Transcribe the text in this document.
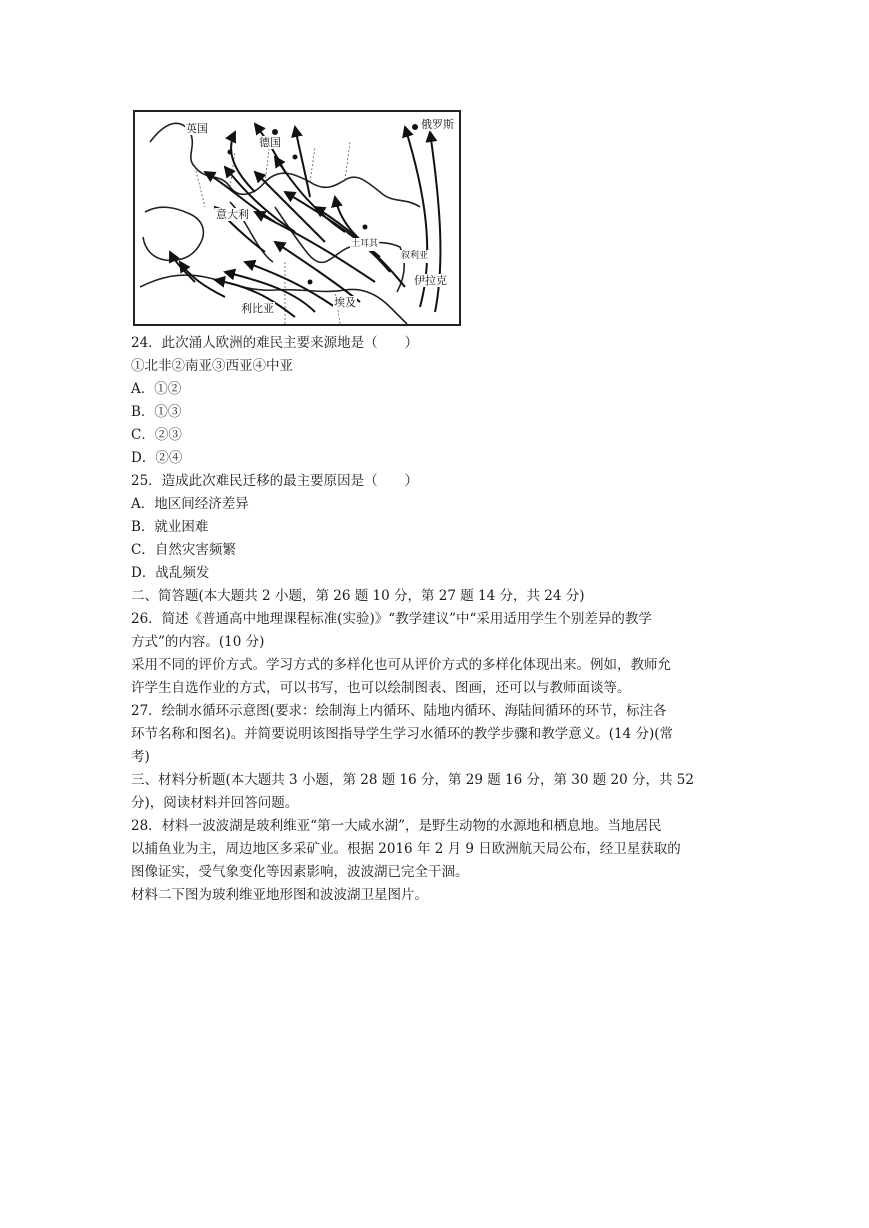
英国
德国
俄罗斯
意大利
土耳其
叙利亚
伊拉克
利比亚	埃及
24．此次涌人欧洲的难民主要来源地是（　　）
①北非②南亚③西亚④中亚
A．①②
B．①③
C．②③
D．②④
25．造成此次难民迁移的最主要原因是（　　）
A．地区间经济差异
B．就业困难
C．自然灾害频繁
D．战乱频发
二、简答题(本大题共 2 小题，第 26 题 10 分，第 27 题 14 分，共 24 分)
26．简述《普通高中地理课程标准(实验)》“教学建议”中“采用适用学生个别差异的教学
方式”的内容。(10 分)
采用不同的评价方式。学习方式的多样化也可从评价方式的多样化体现出来。例如，教师允
许学生自选作业的方式，可以书写，也可以绘制图表、图画，还可以与教师面谈等。
27．绘制水循环示意图(要求：绘制海上内循环、陆地内循环、海陆间循环的环节，标注各
环节名称和图名)。并简要说明该图指导学生学习水循环的教学步骤和教学意义。(14 分)(常
考)
三、材料分析题(本大题共 3 小题，第 28 题 16 分，第 29 题 16 分，第 30 题 20 分，共 52
分)，阅读材料并回答问题。
28．材料一波波湖是玻利维亚“第一大咸水湖”，是野生动物的水源地和栖息地。当地居民
以捕鱼业为主，周边地区多采矿业。根据 2016 年 2 月 9 日欧洲航天局公布，经卫星获取的
图像证实，受气象变化等因素影响，波波湖已完全干涸。
材料二下图为玻利维亚地形图和波波湖卫星图片。
